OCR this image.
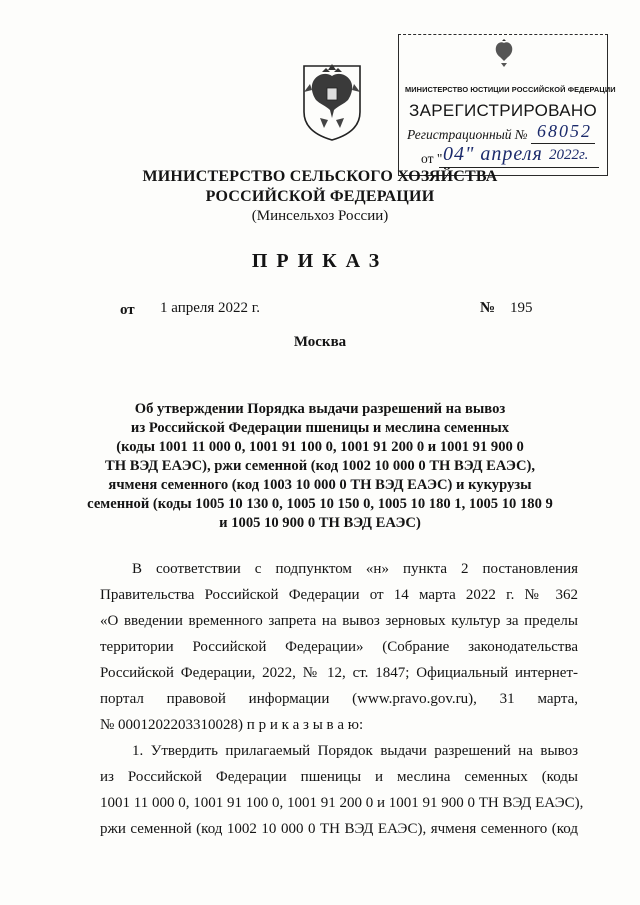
МИНИСТЕРСТВО ЮСТИЦИИ РОССИЙСКОЙ ФЕДЕРАЦИИ
ЗАРЕГИСТРИРОВАНО
Регистрационный № 68052
от " 04" апреля 2022г.
МИНИСТЕРСТВО СЕЛЬСКОГО ХОЗЯЙСТВА
РОССИЙСКОЙ ФЕДЕРАЦИИ
(Минсельхоз России)
ПРИКАЗ
от 1 апреля 2022 г.	№ 195
Москва
Об утверждении Порядка выдачи разрешений на вывоз
из Российской Федерации пшеницы и меслина семенных
(коды 1001 11 000 0, 1001 91 100 0, 1001 91 200 0 и 1001 91 900 0
ТН ВЭД ЕАЭС), ржи семенной (код 1002 10 000 0 ТН ВЭД ЕАЭС),
ячменя семенного (код 1003 10 000 0 ТН ВЭД ЕАЭС) и кукурузы
семенной (коды 1005 10 130 0, 1005 10 150 0, 1005 10 180 1, 1005 10 180 9
и 1005 10 900 0 ТН ВЭД ЕАЭС)
В соответствии с подпунктом «н» пункта 2 постановления
Правительства Российской Федерации от 14 марта 2022 г. № 362
«О введении временного запрета на вывоз зерновых культур за пределы
территории Российской Федерации» (Собрание законодательства
Российской Федерации, 2022, № 12, ст. 1847; Официальный интернет-
портал правовой информации (www.pravo.gov.ru), 31 марта,
№ 0001202203310028) п р и к а з ы в а ю:
1. Утвердить прилагаемый Порядок выдачи разрешений на вывоз
из Российской Федерации пшеницы и меслина семенных (коды
1001 11 000 0, 1001 91 100 0, 1001 91 200 0 и 1001 91 900 0 ТН ВЭД ЕАЭС),
ржи семенной (код 1002 10 000 0 ТН ВЭД ЕАЭС), ячменя семенного (код
